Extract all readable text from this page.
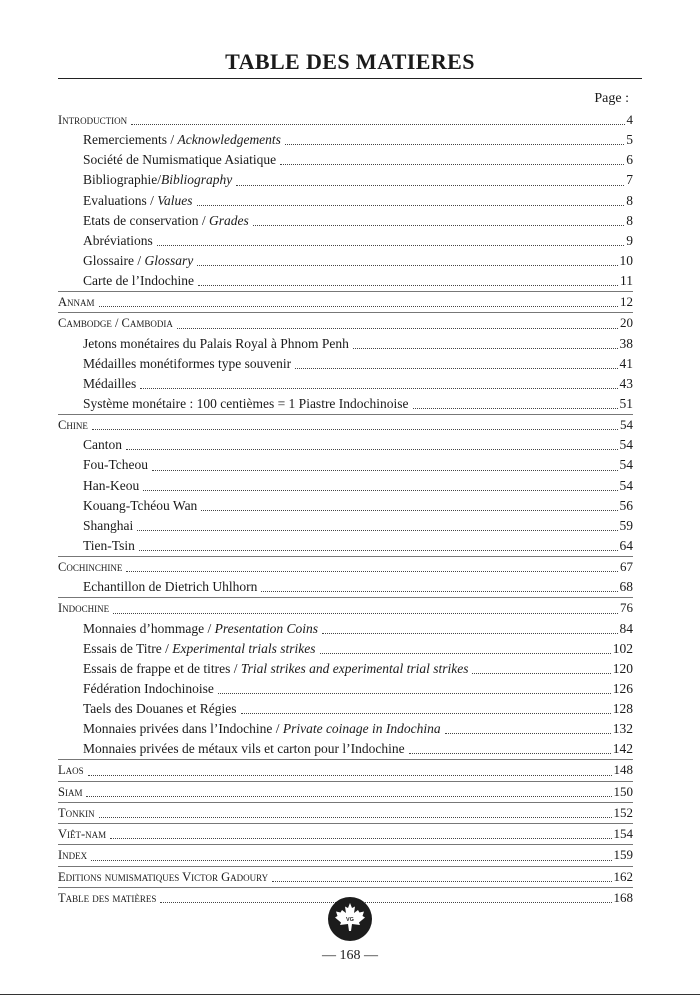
TABLE DES MATIERES
Page :
Introduction	4
Remerciements / Acknowledgements	5
Société de Numismatique Asiatique	6
Bibliographie/Bibliography	7
Evaluations / Values	8
Etats de conservation / Grades	8
Abréviations	9
Glossaire / Glossary	10
Carte de l’Indochine	11
Annam	12
Cambodge / Cambodia	20
Jetons monétaires du Palais Royal à Phnom Penh	38
Médailles monétiformes type souvenir	41
Médailles	43
Système monétaire : 100 centièmes = 1 Piastre Indochinoise	51
Chine	54
Canton	54
Fou-Tcheou	54
Han-Keou	54
Kouang-Tchéou Wan	56
Shanghai	59
Tien-Tsin	64
Cochinchine	67
Echantillon de Dietrich Uhlhorn	68
Indochine	76
Monnaies d’hommage / Presentation Coins	84
Essais de Titre / Experimental trials strikes	102
Essais de frappe et de titres / Trial strikes and experimental trial strikes	120
Fédération Indochinoise	126
Taels des Douanes et Régies	128
Monnaies privées dans l’Indochine / Private coinage in Indochina	132
Monnaies privées de métaux vils et carton pour l’Indochine	142
Laos	148
Siam	150
Tonkin	152
Viêt-nam	154
Index	159
Editions numismatiques Victor Gadoury	162
Table des matières	168
VG
— 168 —
